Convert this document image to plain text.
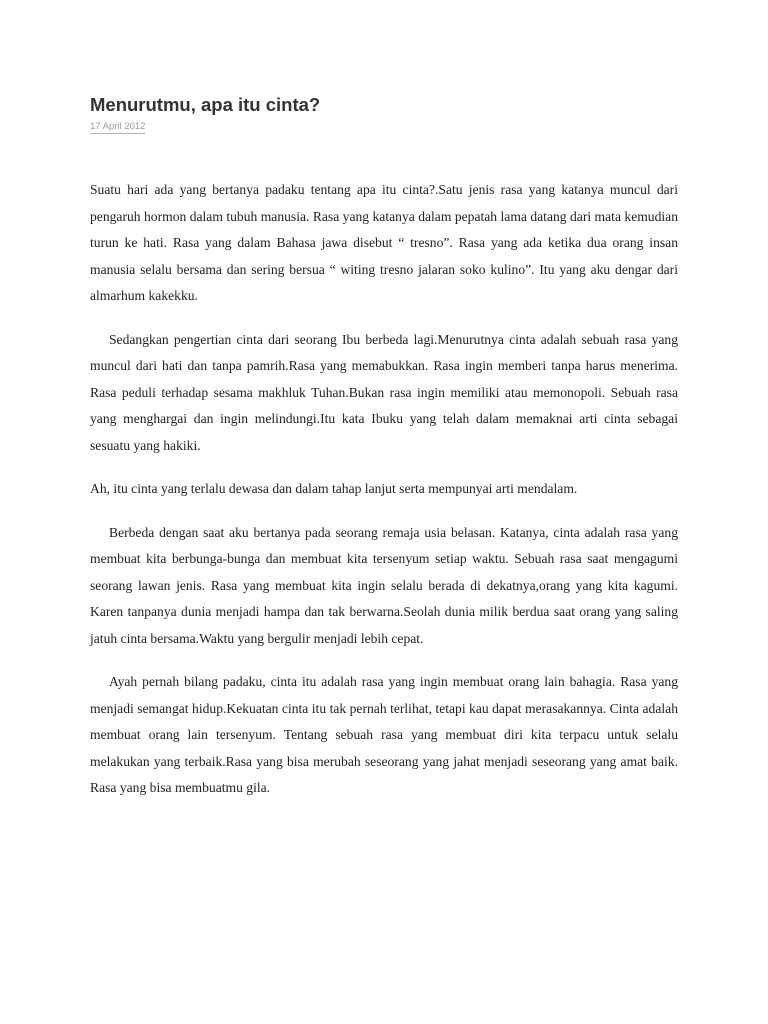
Menurutmu, apa itu cinta?
17 April 2012

Suatu hari ada yang bertanya padaku tentang apa itu cinta?.Satu jenis rasa yang katanya muncul dari pengaruh hormon dalam tubuh manusia. Rasa yang katanya dalam pepatah lama datang dari mata kemudian turun ke hati. Rasa yang dalam Bahasa jawa disebut “ tresno”. Rasa yang ada ketika dua orang insan manusia selalu bersama dan sering bersua “ witing tresno jalaran soko kulino”. Itu yang aku dengar dari almarhum kakekku.

Sedangkan pengertian cinta dari seorang Ibu berbeda lagi.Menurutnya cinta adalah sebuah rasa yang muncul dari hati dan tanpa pamrih.Rasa yang memabukkan. Rasa ingin memberi tanpa harus menerima. Rasa peduli terhadap sesama makhluk Tuhan.Bukan rasa ingin memiliki atau memonopoli. Sebuah rasa yang menghargai dan ingin melindungi.Itu kata Ibuku yang telah dalam memaknai arti cinta sebagai sesuatu yang hakiki.

Ah, itu cinta yang terlalu dewasa dan dalam tahap lanjut serta mempunyai arti mendalam.

Berbeda dengan saat aku bertanya pada seorang remaja usia belasan. Katanya, cinta adalah rasa yang membuat kita berbunga-bunga dan membuat kita tersenyum setiap waktu. Sebuah rasa saat mengagumi seorang lawan jenis. Rasa yang membuat kita ingin selalu berada di dekatnya,orang yang kita kagumi. Karen tanpanya dunia menjadi hampa dan tak berwarna.Seolah dunia milik berdua saat orang yang saling jatuh cinta bersama.Waktu yang bergulir menjadi lebih cepat.

Ayah pernah bilang padaku, cinta itu adalah rasa yang ingin membuat orang lain bahagia. Rasa yang menjadi semangat hidup.Kekuatan cinta itu tak pernah terlihat, tetapi kau dapat merasakannya. Cinta adalah membuat orang lain tersenyum. Tentang sebuah rasa yang membuat diri kita terpacu untuk selalu melakukan yang terbaik.Rasa yang bisa merubah seseorang yang jahat menjadi seseorang yang amat baik. Rasa yang bisa membuatmu gila.
